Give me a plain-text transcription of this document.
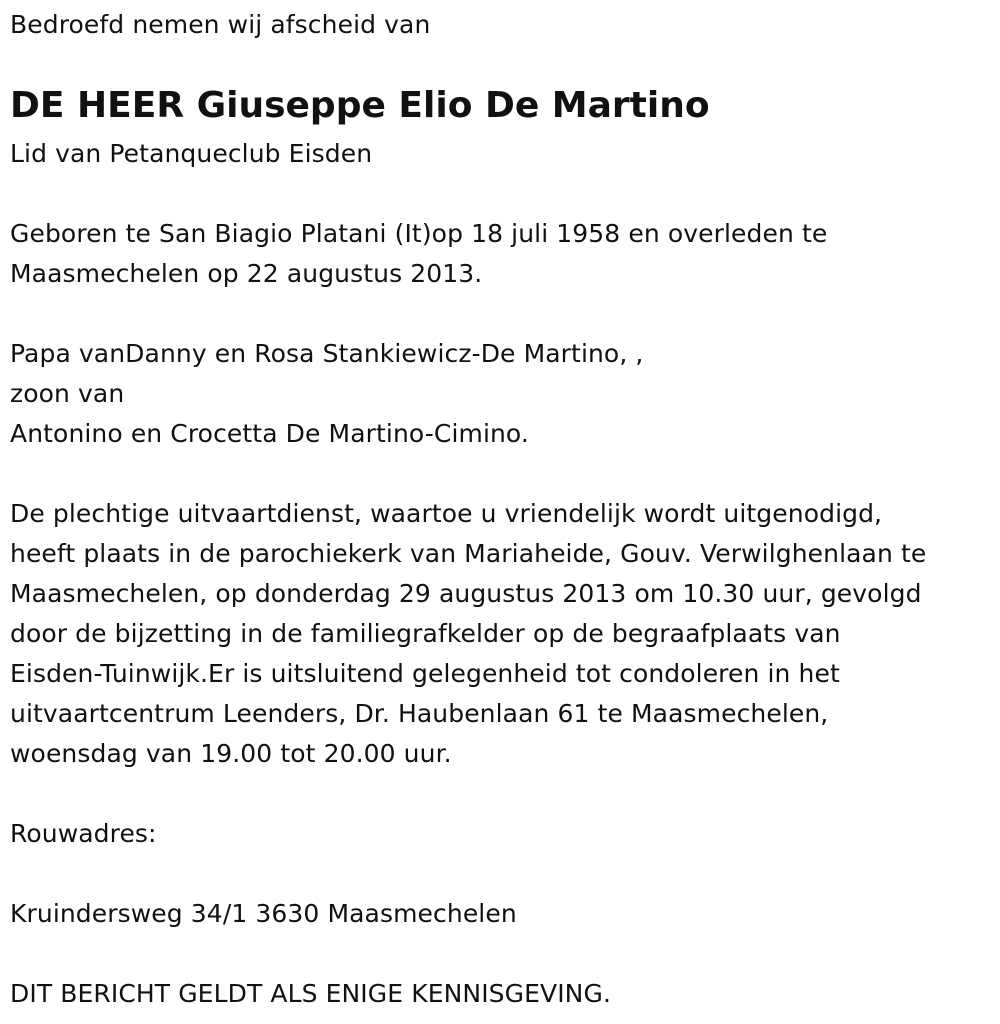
Bedroefd nemen wij afscheid van

DE HEER Giuseppe Elio De Martino

Lid van Petanqueclub Eisden

Geboren te San Biagio Platani (It)op 18 juli 1958 en overleden te

Maasmechelen op 22 augustus 2013.

Papa vanDanny en Rosa Stankiewicz-De Martino, ,

zoon van

Antonino en Crocetta De Martino-Cimino.

De plechtige uitvaartdienst, waartoe u vriendelijk wordt uitgenodigd,

heeft plaats in de parochiekerk van Mariaheide, Gouv. Verwilghenlaan te

Maasmechelen, op donderdag 29 augustus 2013 om 10.30 uur, gevolgd

door de bijzetting in de familiegrafkelder op de begraafplaats van

Eisden-Tuinwijk.Er is uitsluitend gelegenheid tot condoleren in het

uitvaartcentrum Leenders, Dr. Haubenlaan 61 te Maasmechelen,

woensdag van 19.00 tot 20.00 uur.

Rouwadres:

Kruindersweg 34/1 3630 Maasmechelen

DIT BERICHT GELDT ALS ENIGE KENNISGEVING.
